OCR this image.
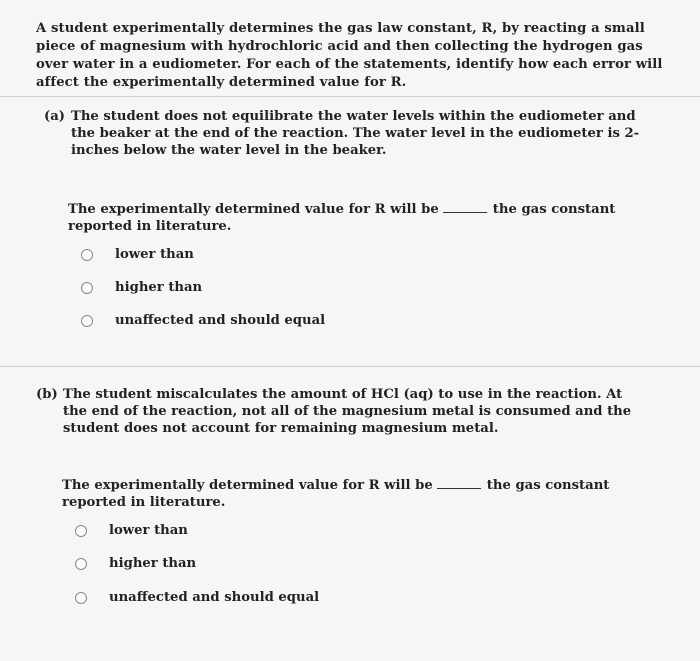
A student experimentally determines the gas law constant, R, by reacting a small piece of magnesium with hydrochloric acid and then collecting the hydrogen gas over water in a eudiometer. For each of the statements, identify how each error will affect the experimentally determined value for R.
(a) The student does not equilibrate the water levels within the eudiometer and the beaker at the end of the reaction. The water level in the eudiometer is 2-inches below the water level in the beaker.
The experimentally determined value for R will be	the gas constant reported in literature.
lower than
higher than
unaffected and should equal
(b) The student miscalculates the amount of HCl (aq) to use in the reaction. At the end of the reaction, not all of the magnesium metal is consumed and the student does not account for remaining magnesium metal.
The experimentally determined value for R will be	the gas constant reported in literature.
lower than
higher than
unaffected and should equal
